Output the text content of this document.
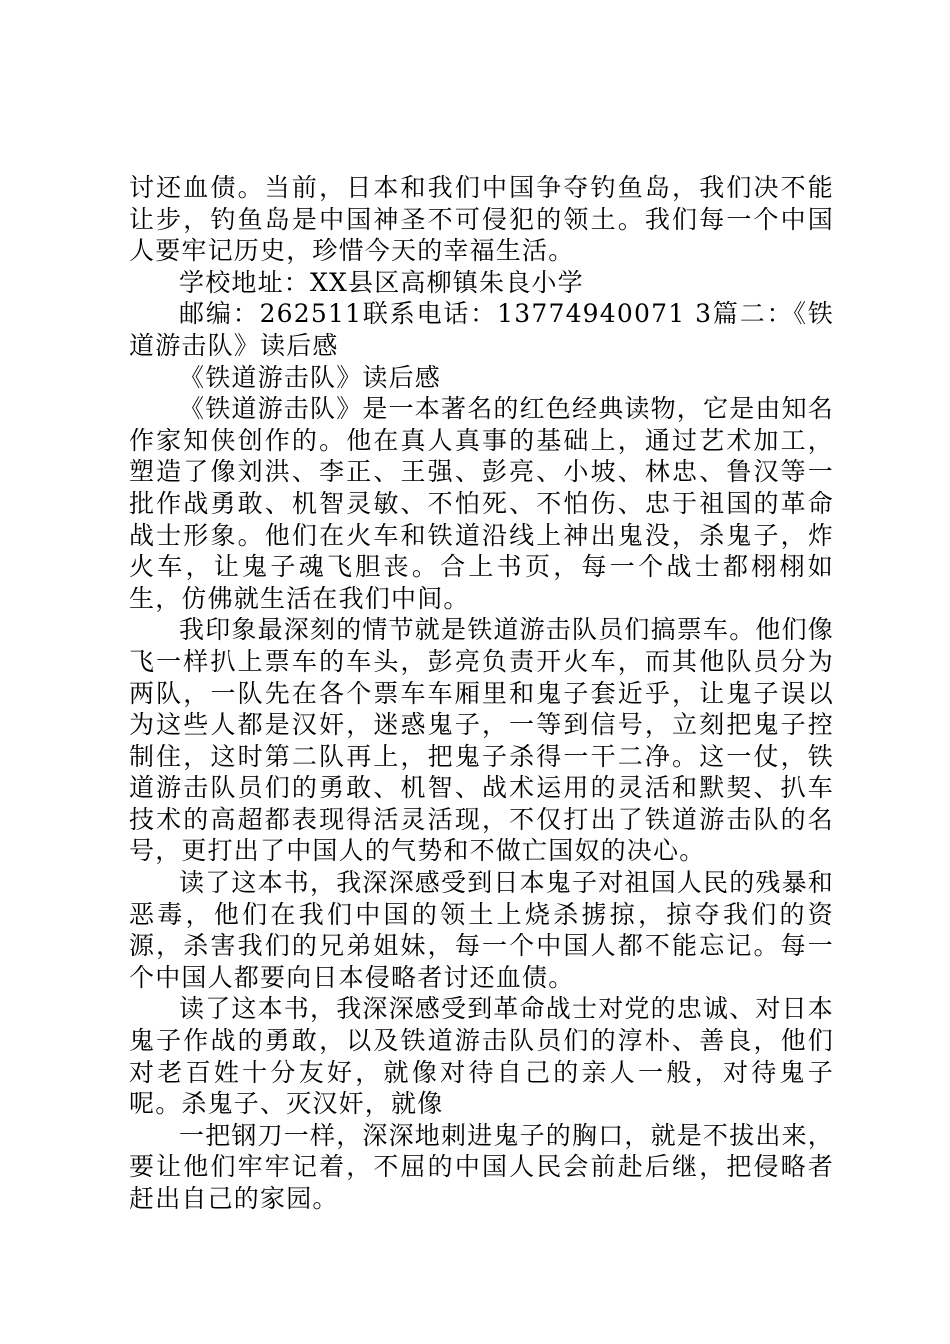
讨还血债。当前，日本和我们中国争夺钓鱼岛，我们决不能让步，钓鱼岛是中国神圣不可侵犯的领土。我们每一个中国人要牢记历史，珍惜今天的幸福生活。

学校地址：XX县区高柳镇朱良小学

邮编：262511联系电话：13774940071 3篇二：《铁道游击队》读后感

《铁道游击队》读后感

《铁道游击队》是一本著名的红色经典读物，它是由知名作家知侠创作的。他在真人真事的基础上，通过艺术加工，塑造了像刘洪、李正、王强、彭亮、小坡、林忠、鲁汉等一批作战勇敢、机智灵敏、不怕死、不怕伤、忠于祖国的革命战士形象。他们在火车和铁道沿线上神出鬼没，杀鬼子，炸火车，让鬼子魂飞胆丧。合上书页，每一个战士都栩栩如生，仿佛就生活在我们中间。

我印象最深刻的情节就是铁道游击队员们搞票车。他们像飞一样扒上票车的车头，彭亮负责开火车，而其他队员分为两队，一队先在各个票车车厢里和鬼子套近乎，让鬼子误以为这些人都是汉奸，迷惑鬼子，一等到信号，立刻把鬼子控制住，这时第二队再上，把鬼子杀得一干二净。这一仗，铁道游击队员们的勇敢、机智、战术运用的灵活和默契、扒车技术的高超都表现得活灵活现，不仅打出了铁道游击队的名号，更打出了中国人的气势和不做亡国奴的决心。

读了这本书，我深深感受到日本鬼子对祖国人民的残暴和恶毒，他们在我们中国的领土上烧杀掳掠，掠夺我们的资源，杀害我们的兄弟姐妹，每一个中国人都不能忘记。每一个中国人都要向日本侵略者讨还血债。

读了这本书，我深深感受到革命战士对党的忠诚、对日本鬼子作战的勇敢，以及铁道游击队员们的淳朴、善良，他们对老百姓十分友好，就像对待自己的亲人一般，对待鬼子呢。杀鬼子、灭汉奸，就像

一把钢刀一样，深深地刺进鬼子的胸口，就是不拔出来，要让他们牢牢记着，不屈的中国人民会前赴后继，把侵略者赶出自己的家园。
